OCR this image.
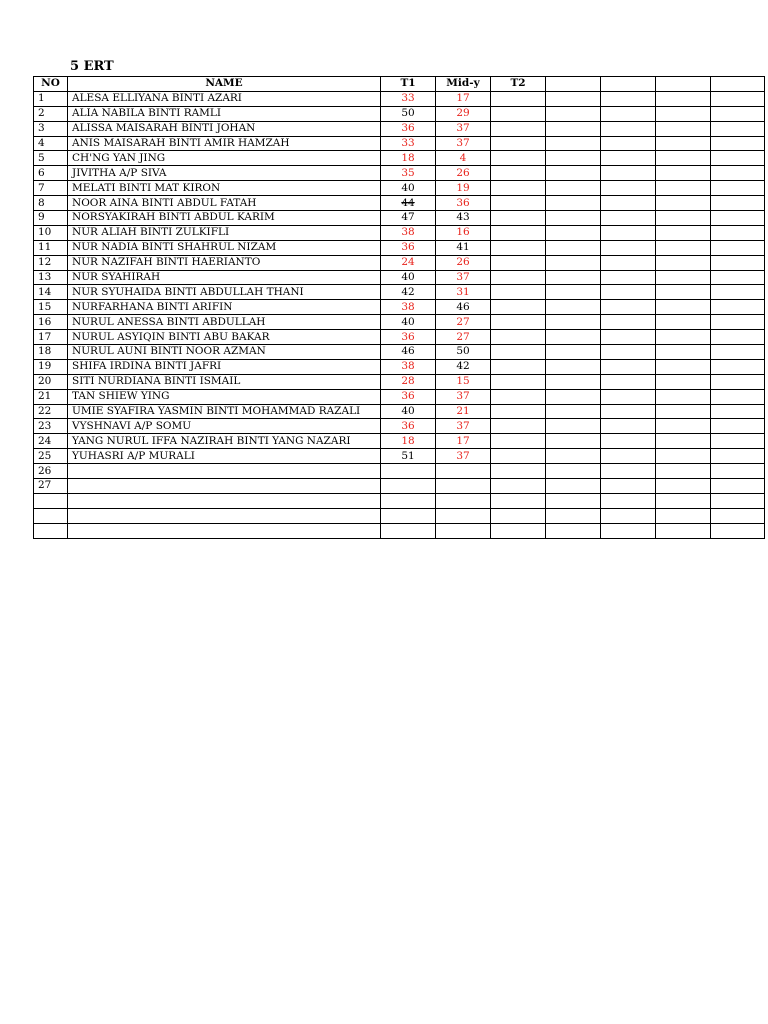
5 ERT
NO	NAME	T1	Mid-y	T2				
1	ALESA ELLIYANA BINTI AZARI	33	17					
2	ALIA NABILA BINTI RAMLI	50	29					
3	ALISSA MAISARAH BINTI JOHAN	36	37					
4	ANIS MAISARAH BINTI AMIR HAMZAH	33	37					
5	CH'NG YAN JING	18	4					
6	JIVITHA A/P SIVA	35	26					
7	MELATI BINTI MAT KIRON	40	19					
8	NOOR AINA BINTI ABDUL FATAH	44	36					
9	NORSYAKIRAH BINTI ABDUL KARIM	47	43					
10	NUR ALIAH BINTI ZULKIFLI	38	16					
11	NUR NADIA BINTI SHAHRUL NIZAM	36	41					
12	NUR NAZIFAH BINTI HAERIANTO	24	26					
13	NUR SYAHIRAH	40	37					
14	NUR SYUHAIDA BINTI ABDULLAH THANI	42	31					
15	NURFARHANA BINTI ARIFIN	38	46					
16	NURUL ANESSA BINTI ABDULLAH	40	27					
17	NURUL ASYIQIN BINTI ABU BAKAR	36	27					
18	NURUL AUNI BINTI NOOR AZMAN	46	50					
19	SHIFA IRDINA BINTI JAFRI	38	42					
20	SITI NURDIANA BINTI ISMAIL	28	15					
21	TAN SHIEW YING	36	37					
22	UMIE SYAFIRA YASMIN BINTI MOHAMMAD RAZALI	40	21					
23	VYSHNAVI A/P SOMU	36	37					
24	YANG NURUL IFFA NAZIRAH BINTI YANG NAZARI	18	17					
25	YUHASRI A/P MURALI	51	37					
26								
27								
